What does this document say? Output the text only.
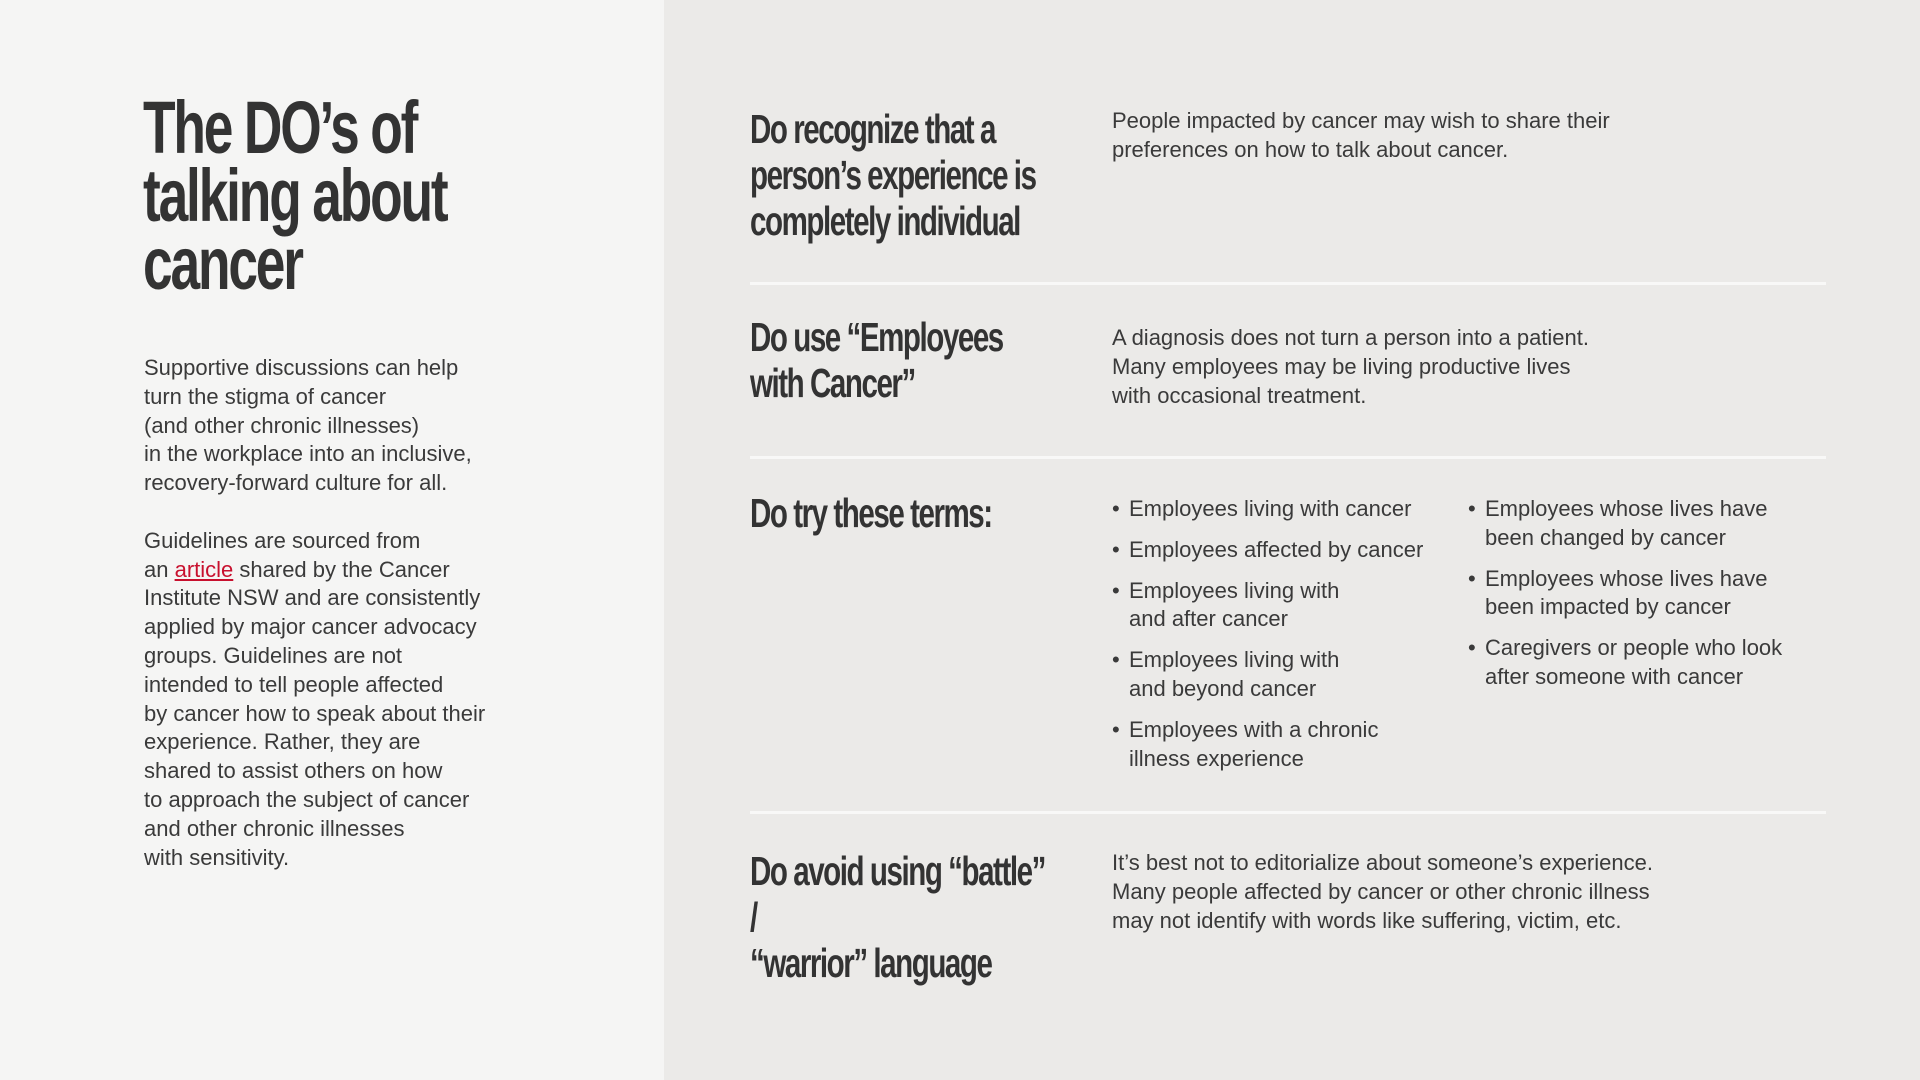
The DO’s of
talking about
cancer

Supportive discussions can help
turn the stigma of cancer
(and other chronic illnesses)
in the workplace into an inclusive,
recovery-forward culture for all.

Guidelines are sourced from
an article shared by the Cancer
Institute NSW and are consistently
applied by major cancer advocacy
groups. Guidelines are not
intended to tell people affected
by cancer how to speak about their
experience. Rather, they are
shared to assist others on how
to approach the subject of cancer
and other chronic illnesses
with sensitivity.

Do recognize that a
person’s experience is
completely individual

People impacted by cancer may wish to share their
preferences on how to talk about cancer.

Do use “Employees
with Cancer”

A diagnosis does not turn a person into a patient.
Many employees may be living productive lives
with occasional treatment.

Do try these terms:	• Employees living with cancer
• Employees affected by cancer
• Employees living with
and after cancer
• Employees living with
and beyond cancer
• Employees with a chronic
illness experience
• Employees whose lives have
been changed by cancer
• Employees whose lives have
been impacted by cancer
• Caregivers or people who look
after someone with cancer
Do avoid using “battle” /
“warrior” language

It’s best not to editorialize about someone’s experience.
Many people affected by cancer or other chronic illness
may not identify with words like suffering, victim, etc.
